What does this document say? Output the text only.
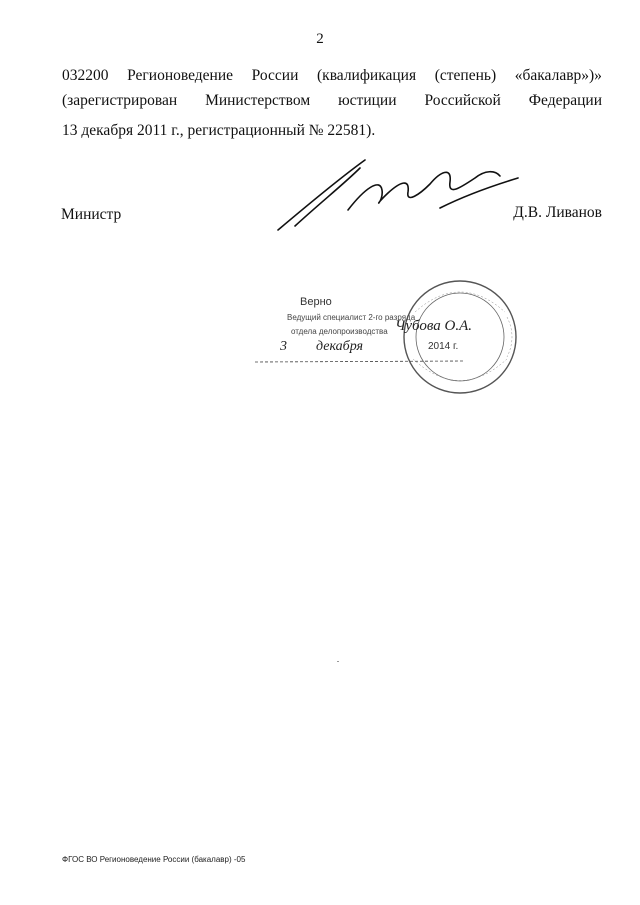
2
032200 Регионоведение России (квалификация (степень) «бакалавр»)»
(зарегистрирован Министерством юстиции Российской Федерации
13 декабря 2011 г., регистрационный № 22581).
Министр	Д.В. Ливанов
Верно
Ведущий специалист 2-го разряда
отдела делопроизводства Чубова О.А.
3 декабря	2014 г.
ФГОС ВО Регионоведение России (бакалавр) -05
